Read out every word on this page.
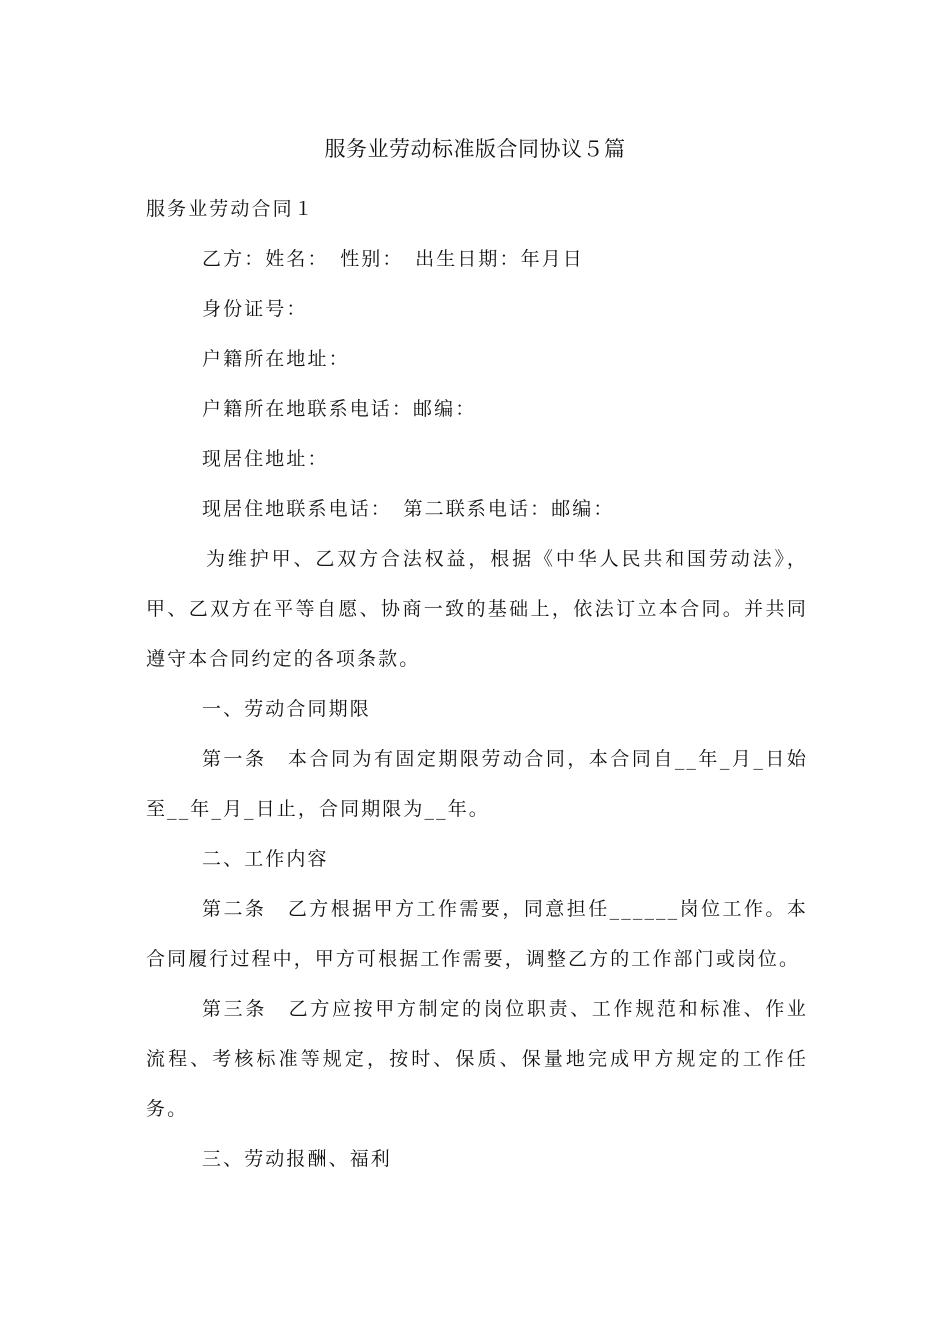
服务业劳动标准版合同协议５篇

服务业劳动合同１

乙方：姓名：　性别：　出生日期：年月日

身份证号：

户籍所在地址：

户籍所在地联系电话：邮编：

现居住地址：

现居住地联系电话：　第二联系电话：邮编：

为维护甲、乙双方合法权益，根据《中华人民共和国劳动法》，甲、乙双方在平等自愿、协商一致的基础上，依法订立本合同。并共同遵守本合同约定的各项条款。

一、劳动合同期限

第一条　本合同为有固定期限劳动合同，本合同自__年_月_日始至__年_月_日止，合同期限为__年。

二、工作内容

第二条　乙方根据甲方工作需要，同意担任______岗位工作。本合同履行过程中，甲方可根据工作需要，调整乙方的工作部门或岗位。

第三条　乙方应按甲方制定的岗位职责、工作规范和标准、作业流程、考核标准等规定，按时、保质、保量地完成甲方规定的工作任务。

三、劳动报酬、福利
